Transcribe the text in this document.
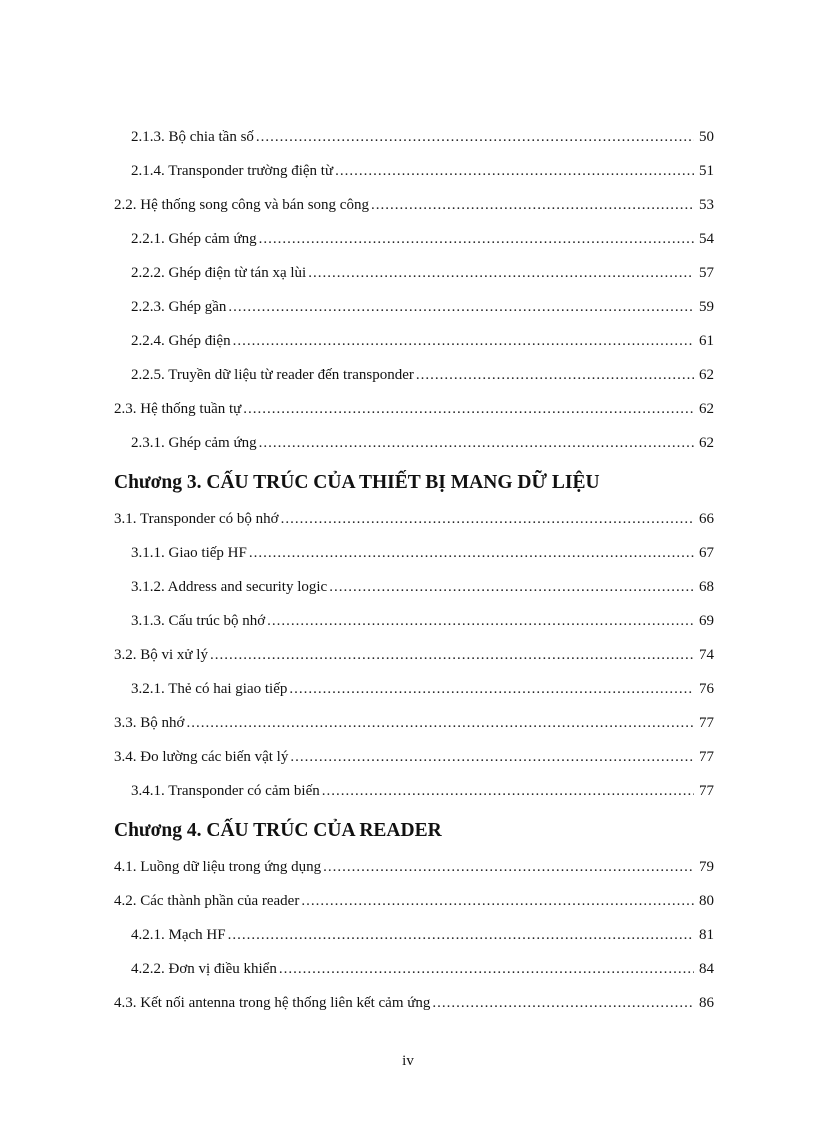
2.1.3. Bộ chia tần số .....	50
2.1.4. Transponder trường điện từ .....	51
2.2. Hệ thống song công và bán song công .....	53
2.2.1. Ghép cảm ứng .....	54
2.2.2. Ghép điện từ tán xạ lùi .....	57
2.2.3. Ghép gần .....	59
2.2.4. Ghép điện .....	61
2.2.5. Truyền dữ liệu từ reader đến transponder .....	62
2.3. Hệ thống tuần tự .....	62
2.3.1. Ghép cảm ứng .....	62
Chương 3. CẤU TRÚC CỦA THIẾT BỊ MANG DỮ LIỆU
3.1. Transponder có bộ nhớ .....	66
3.1.1. Giao tiếp HF .....	67
3.1.2. Address and security logic .....	68
3.1.3. Cấu trúc bộ nhớ .....	69
3.2. Bộ vi xử lý .....	74
3.2.1. Thẻ có hai giao tiếp .....	76
3.3. Bộ nhớ .....	77
3.4. Đo lường các biến vật lý .....	77
3.4.1. Transponder có cảm biến .....	77
Chương 4. CẤU TRÚC CỦA READER
4.1. Luồng dữ liệu trong ứng dụng .....	79
4.2. Các thành phần của reader .....	80
4.2.1. Mạch HF .....	81
4.2.2. Đơn vị điều khiển .....	84
4.3. Kết nối antenna trong hệ thống liên kết cảm ứng .....	86
iv
